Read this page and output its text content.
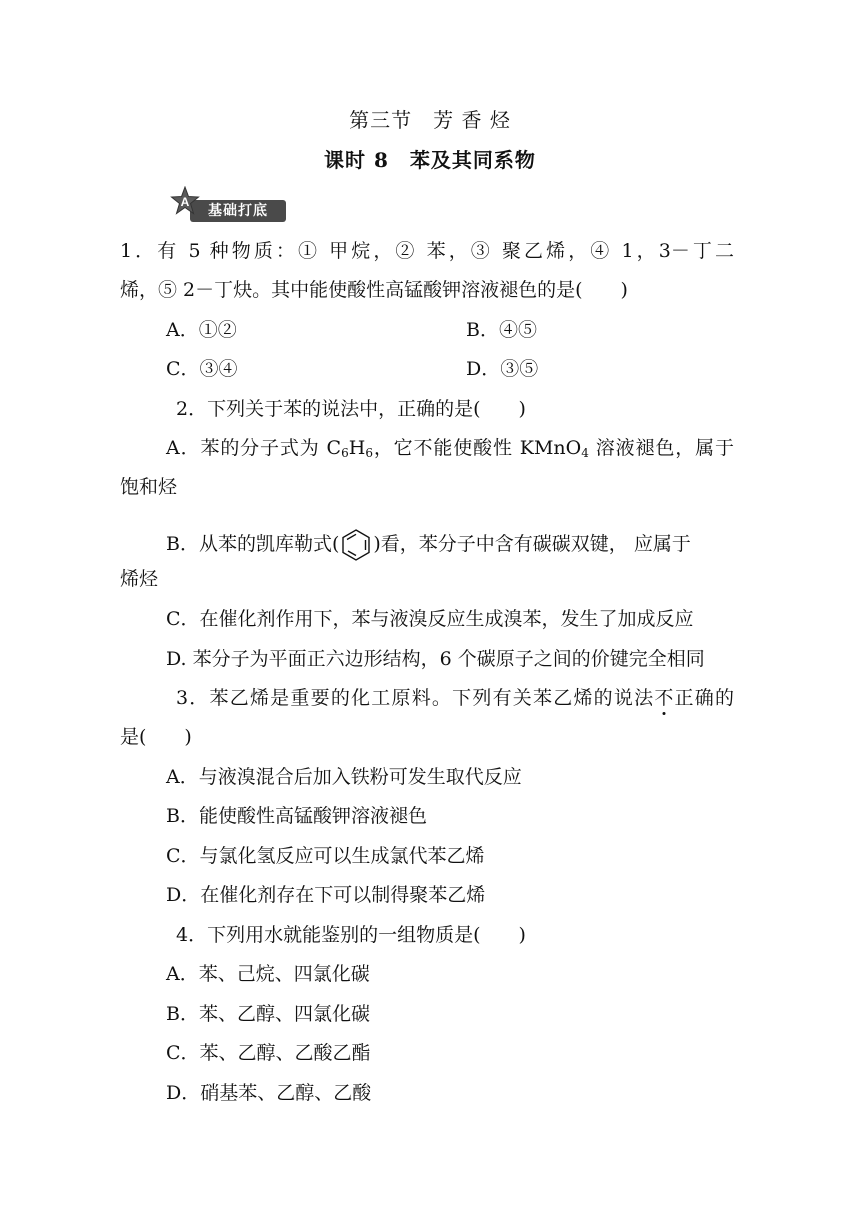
第三节　芳 香 烃
课时 8　苯及其同系物
基础打底
A
1．有 5 种物质：① 甲烷，② 苯，③ 聚乙烯，④ 1，3－丁二
烯，⑤ 2－丁炔。其中能使酸性高锰酸钾溶液褪色的是(　　)
A．①②	B．④⑤
C．③④	D．③⑤
2．下列关于苯的说法中，正确的是(　　)
A．苯的分子式为 $C_6H_6$，它不能使酸性 KMnO$_4$ 溶液褪色，属于
饱和烃
B．从苯的凯库勒式( )看，苯分子中含有碳碳双键， 应属于
烯烃
C．在催化剂作用下，苯与液溴反应生成溴苯，发生了加成反应
D. 苯分子为平面正六边形结构，6 个碳原子之间的价键完全相同
3．苯乙烯是重要的化工原料。下列有关苯乙烯的说法不正确的
是(　　)
A．与液溴混合后加入铁粉可发生取代反应
B．能使酸性高锰酸钾溶液褪色
C．与氯化氢反应可以生成氯代苯乙烯
D．在催化剂存在下可以制得聚苯乙烯
4．下列用水就能鉴别的一组物质是(　　)
A．苯、己烷、四氯化碳
B．苯、乙醇、四氯化碳
C．苯、乙醇、乙酸乙酯
D．硝基苯、乙醇、乙酸
